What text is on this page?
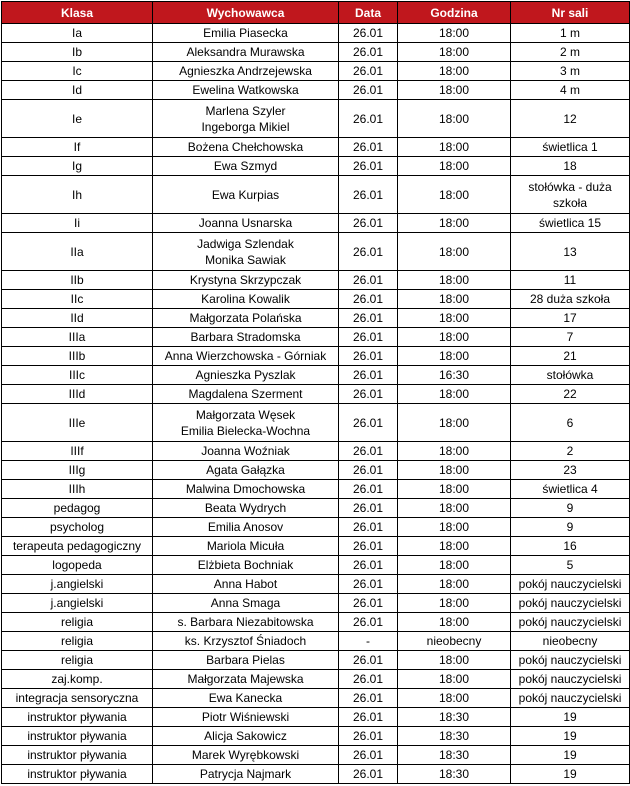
Klasa	Wychowawca	Data	Godzina	Nr sali
Ia	Emilia Piasecka	26.01	18:00	1 m

Ib	Aleksandra Murawska	26.01	18:00	2 m

Ic	Agnieszka Andrzejewska	26.01	18:00	3 m

Id	Ewelina Watkowska	26.01	18:00	4 m

Ie	Marlena Szyler
Ingeborga Mikiel	26.01	18:00	12

If	Bożena Chełchowska	26.01	18:00	świetlica 1

Ig	Ewa Szmyd	26.01	18:00	18

Ih	Ewa Kurpias	26.01	18:00	stołówka - duża
szkoła

Ii	Joanna Usnarska	26.01	18:00	świetlica 15

IIa	Jadwiga Szlendak
Monika Sawiak	26.01	18:00	13

IIb	Krystyna Skrzypczak	26.01	18:00	11

IIc	Karolina Kowalik	26.01	18:00	28 duża szkoła

IId	Małgorzata Polańska	26.01	18:00	17

IIIa	Barbara Stradomska	26.01	18:00	7

IIIb	Anna Wierzchowska - Górniak	26.01	18:00	21

IIIc	Agnieszka Pyszlak	26.01	16:30	stołówka

IIId	Magdalena Szerment	26.01	18:00	22

IIIe	Małgorzata Węsek
Emilia Bielecka-Wochna	26.01	18:00	6

IIIf	Joanna Woźniak	26.01	18:00	2

IIIg	Agata Gałązka	26.01	18:00	23

IIIh	Malwina Dmochowska	26.01	18:00	świetlica 4

pedagog	Beata Wydrych	26.01	18:00	9

psycholog	Emilia Anosov	26.01	18:00	9

terapeuta pedagogiczny	Mariola Micuła	26.01	18:00	16

logopeda	Elżbieta Bochniak	26.01	18:00	5

j.angielski	Anna Habot	26.01	18:00	pokój nauczycielski

j.angielski	Anna Smaga	26.01	18:00	pokój nauczycielski

religia	s. Barbara Niezabitowska	26.01	18:00	pokój nauczycielski

religia	ks. Krzysztof Śniadoch	-	nieobecny	nieobecny

religia	Barbara Pielas	26.01	18:00	pokój nauczycielski

zaj.komp.	Małgorzata Majewska	26.01	18:00	pokój nauczycielski

integracja sensoryczna	Ewa Kanecka	26.01	18:00	pokój nauczycielski

instruktor pływania	Piotr Wiśniewski	26.01	18:30	19

instruktor pływania	Alicja Sakowicz	26.01	18:30	19

instruktor pływania	Marek Wyrębkowski	26.01	18:30	19

instruktor pływania	Patrycja Najmark	26.01	18:30	19
